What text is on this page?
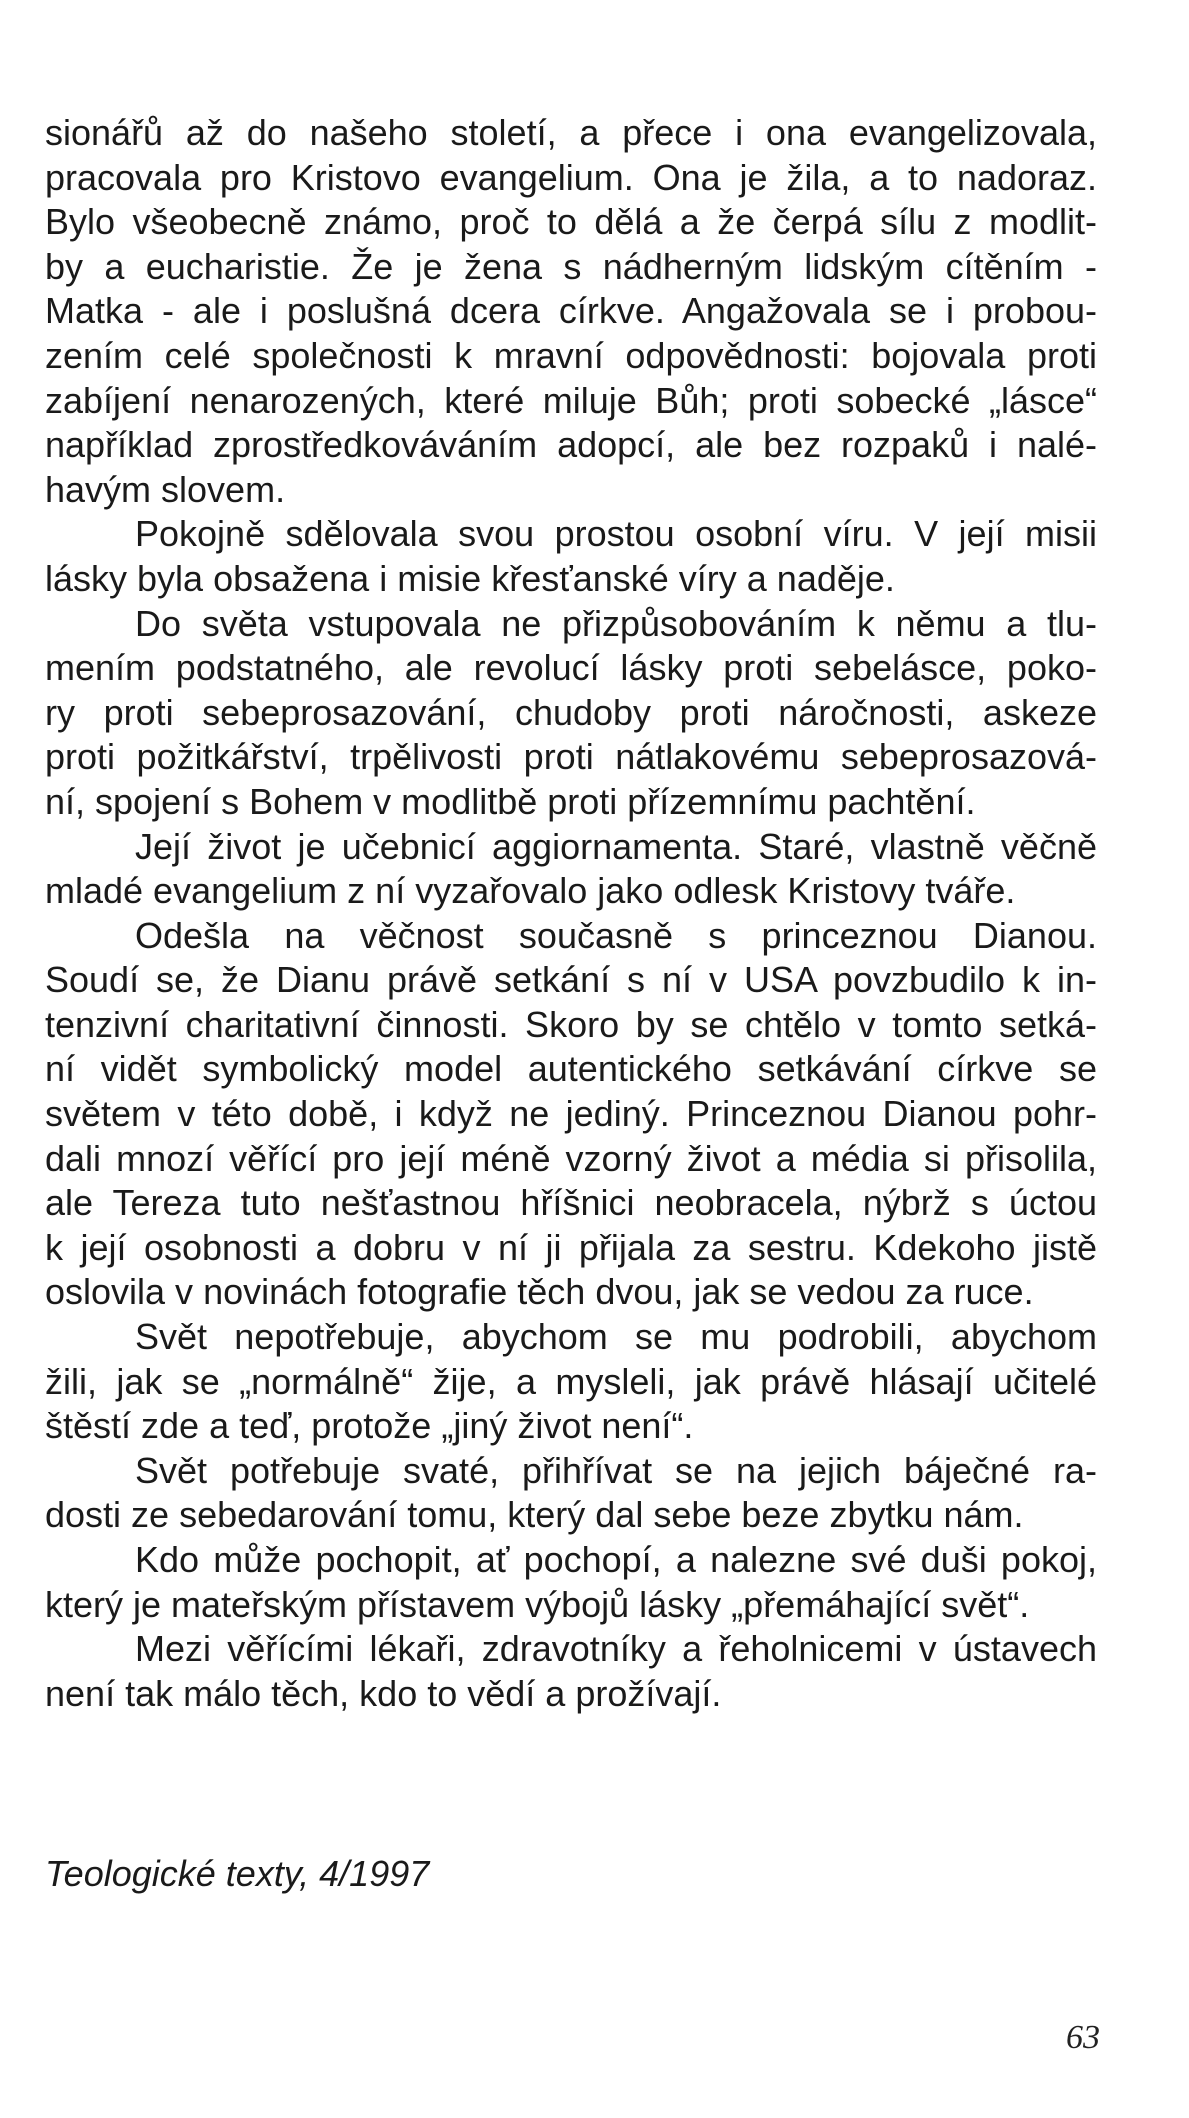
sionářů až do našeho století, a přece i ona evangelizovala,
pracovala pro Kristovo evangelium. Ona je žila, a to nadoraz.
Bylo všeobecně známo, proč to dělá a že čerpá sílu z modlit-
by a eucharistie. Že je žena s nádherným lidským cítěním -
Matka - ale i poslušná dcera církve. Angažovala se i probou-
zením celé společnosti k mravní odpovědnosti: bojovala proti
zabíjení nenarozených, které miluje Bůh; proti sobecké „lásce“
například zprostředkováváním adopcí, ale bez rozpaků i nalé-
havým slovem.
Pokojně sdělovala svou prostou osobní víru. V její misii
lásky byla obsažena i misie křesťanské víry a naděje.
Do světa vstupovala ne přizpůsobováním k němu a tlu-
mením podstatného, ale revolucí lásky proti sebelásce, poko-
ry proti sebeprosazování, chudoby proti náročnosti, askeze
proti požitkářství, trpělivosti proti nátlakovému sebeprosazová-
ní, spojení s Bohem v modlitbě proti přízemnímu pachtění.
Její život je učebnicí aggiornamenta. Staré, vlastně věčně
mladé evangelium z ní vyzařovalo jako odlesk Kristovy tváře.
Odešla na věčnost současně s princeznou Dianou.
Soudí se, že Dianu právě setkání s ní v USA povzbudilo k in-
tenzivní charitativní činnosti. Skoro by se chtělo v tomto setká-
ní vidět symbolický model autentického setkávání církve se
světem v této době, i když ne jediný. Princeznou Dianou pohr-
dali mnozí věřící pro její méně vzorný život a média si přisolila,
ale Tereza tuto nešťastnou hříšnici neobracela, nýbrž s úctou
k její osobnosti a dobru v ní ji přijala za sestru. Kdekoho jistě
oslovila v novinách fotografie těch dvou, jak se vedou za ruce.
Svět nepotřebuje, abychom se mu podrobili, abychom
žili, jak se „normálně“ žije, a mysleli, jak právě hlásají učitelé
štěstí zde a teď, protože „jiný život není“.
Svět potřebuje svaté, přihřívat se na jejich báječné ra-
dosti ze sebedarování tomu, který dal sebe beze zbytku nám.
Kdo může pochopit, ať pochopí, a nalezne své duši pokoj,
který je mateřským přístavem výbojů lásky „přemáhající svět“.
Mezi věřícími lékaři, zdravotníky a řeholnicemi v ústavech
není tak málo těch, kdo to vědí a prožívají.
Teologické texty, 4/1997
63
